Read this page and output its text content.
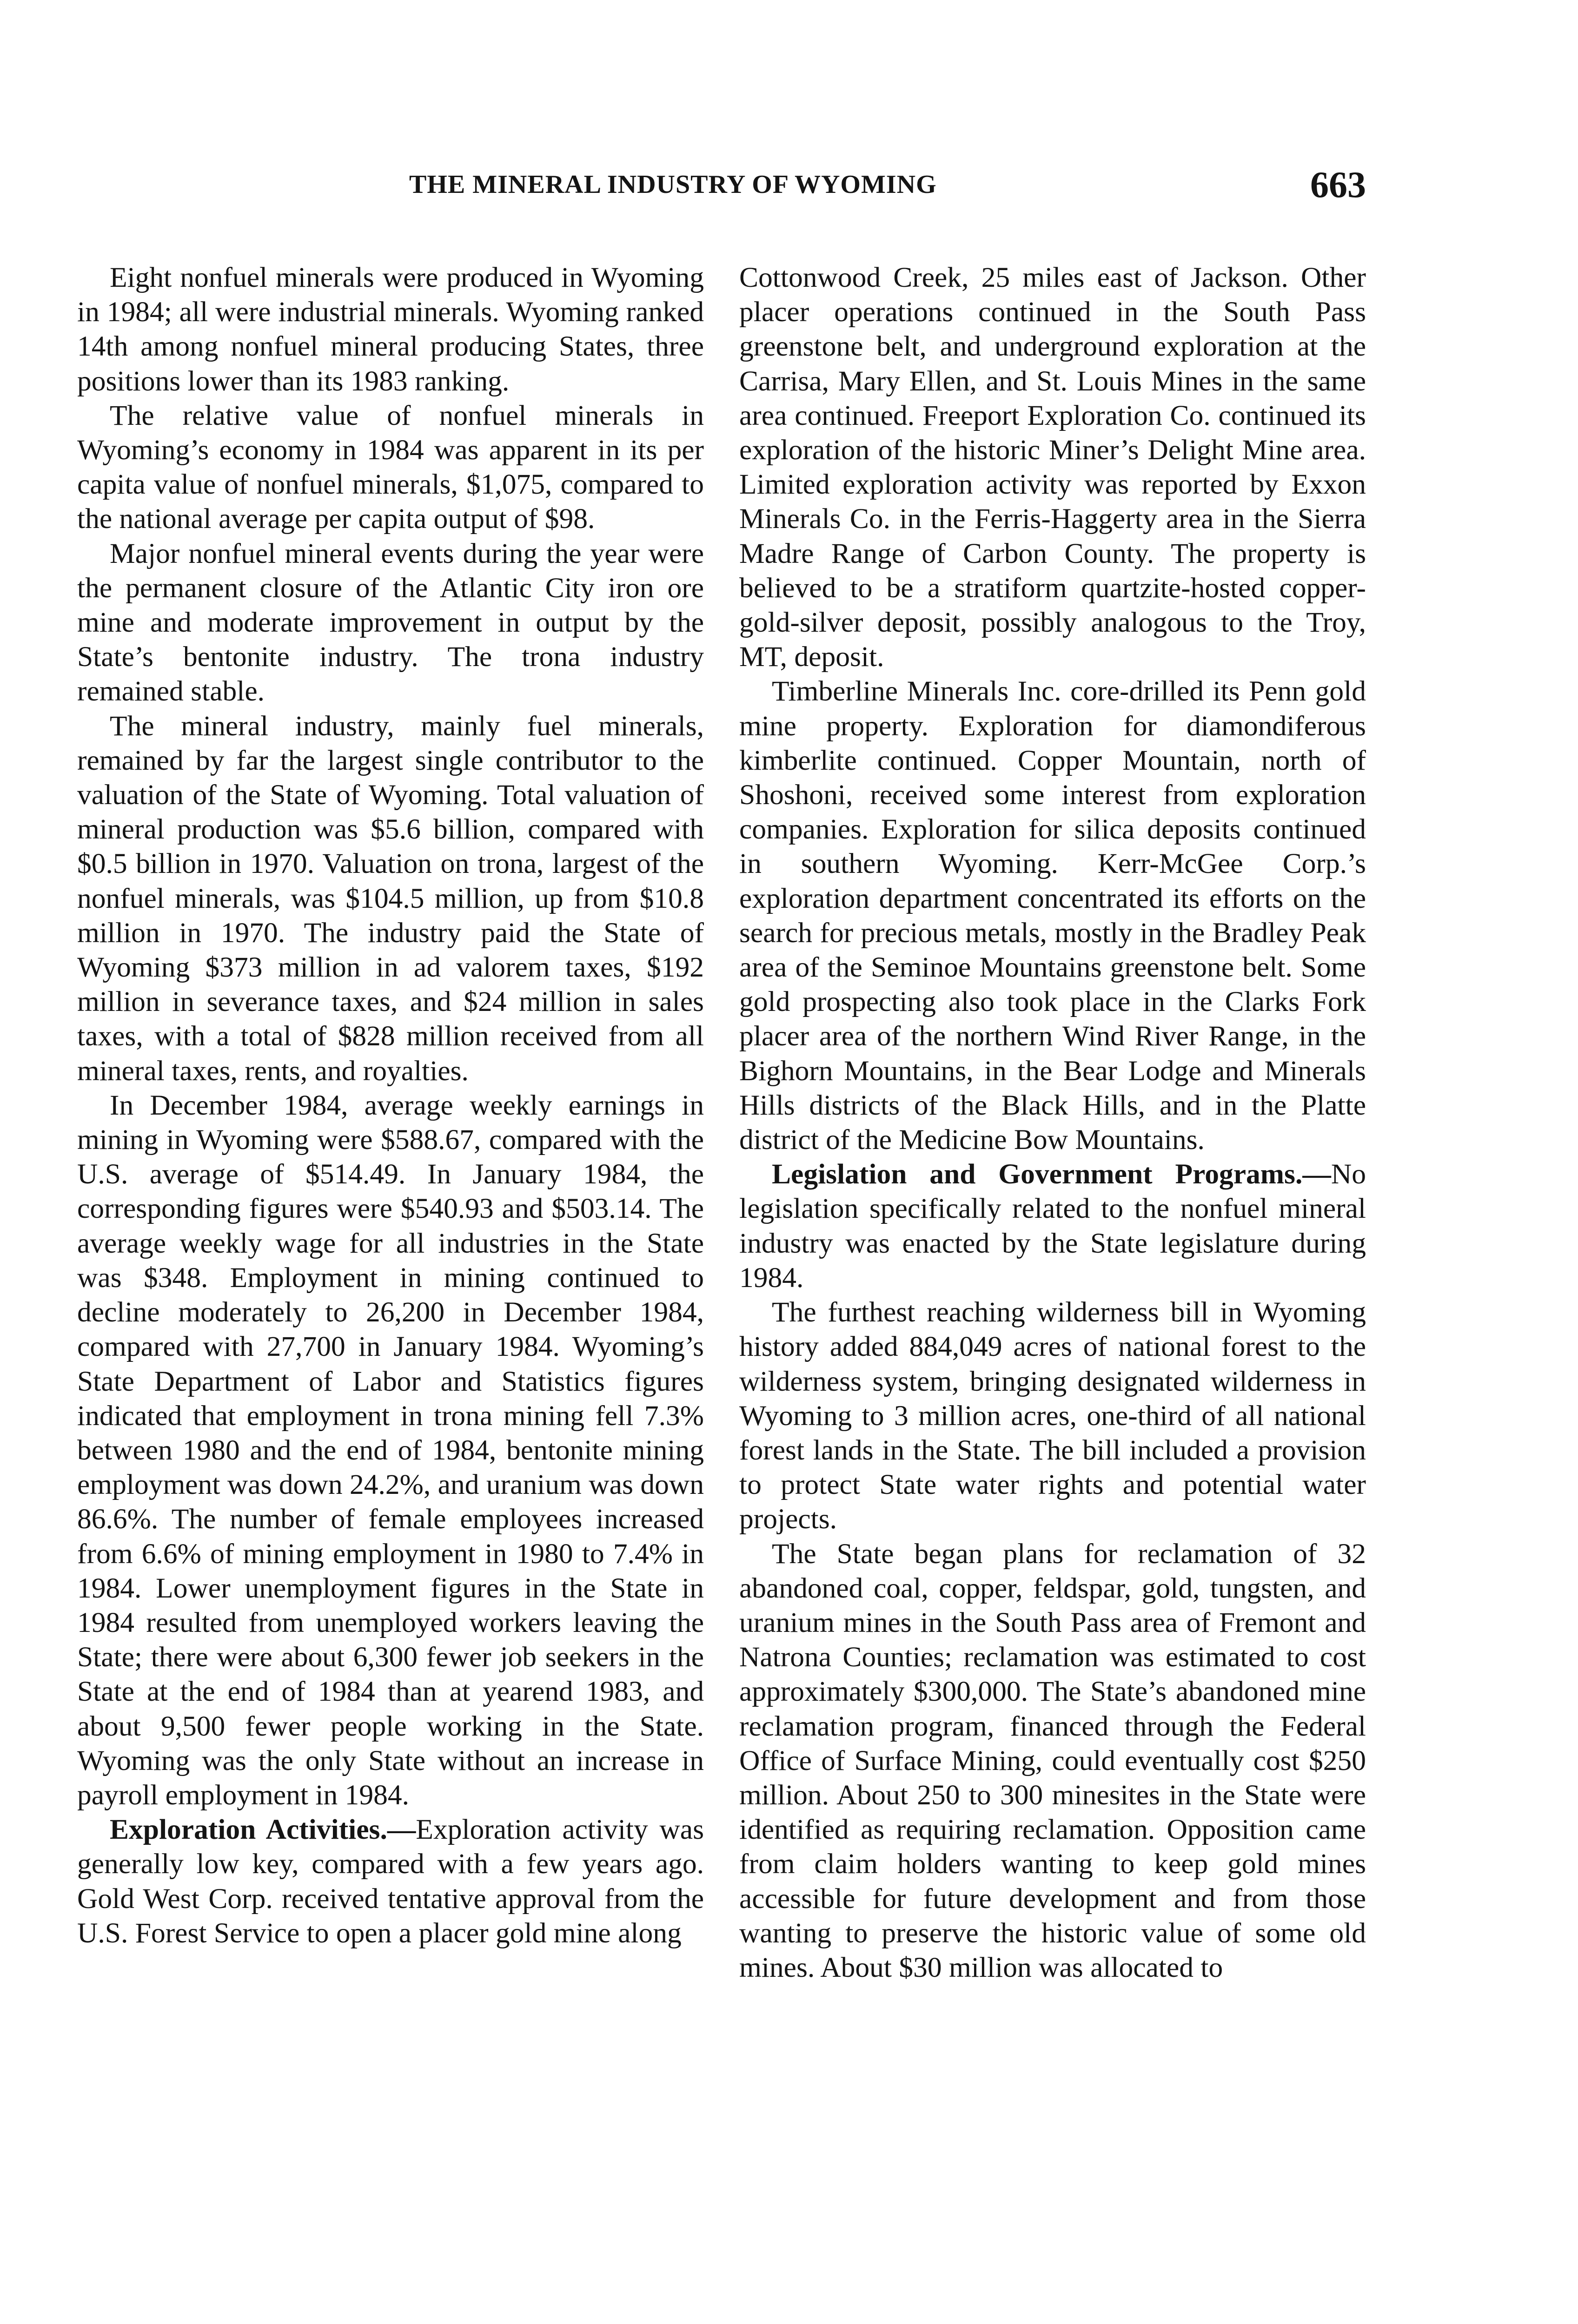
THE MINERAL INDUSTRY OF WYOMING	663

Eight nonfuel minerals were produced in Wyoming in 1984; all were industrial minerals. Wyoming ranked 14th among nonfuel mineral producing States, three positions lower than its 1983 ranking.

The relative value of nonfuel minerals in Wyoming’s economy in 1984 was apparent in its per capita value of nonfuel minerals, $1,075, compared to the national average per capita output of $98.

Major nonfuel mineral events during the year were the permanent closure of the Atlantic City iron ore mine and moderate improvement in output by the State’s bentonite industry. The trona industry remained stable.

The mineral industry, mainly fuel minerals, remained by far the largest single contributor to the valuation of the State of Wyoming. Total valuation of mineral production was $5.6 billion, compared with $0.5 billion in 1970. Valuation on trona, largest of the nonfuel minerals, was $104.5 million, up from $10.8 million in 1970. The industry paid the State of Wyoming $373 million in ad valorem taxes, $192 million in severance taxes, and $24 million in sales taxes, with a total of $828 million received from all mineral taxes, rents, and royalties.

In December 1984, average weekly earnings in mining in Wyoming were $588.67, compared with the U.S. average of $514.49. In January 1984, the corresponding figures were $540.93 and $503.14. The average weekly wage for all industries in the State was $348. Employment in mining continued to decline moderately to 26,200 in December 1984, compared with 27,700 in January 1984. Wyoming’s State Department of Labor and Statistics figures indicated that employment in trona mining fell 7.3% between 1980 and the end of 1984, bentonite mining employment was down 24.2%, and uranium was down 86.6%. The number of female employees increased from 6.6% of mining employment in 1980 to 7.4% in 1984. Lower unemployment figures in the State in 1984 resulted from unemployed workers leaving the State; there were about 6,300 fewer job seekers in the State at the end of 1984 than at yearend 1983, and about 9,500 fewer people working in the State. Wyoming was the only State without an increase in payroll employment in 1984.

Exploration Activities.—Exploration activity was generally low key, compared with a few years ago. Gold West Corp. received tentative approval from the U.S. Forest Service to open a placer gold mine along

Cottonwood Creek, 25 miles east of Jackson. Other placer operations continued in the South Pass greenstone belt, and underground exploration at the Carrisa, Mary Ellen, and St. Louis Mines in the same area continued. Freeport Exploration Co. continued its exploration of the historic Miner’s Delight Mine area. Limited exploration activity was reported by Exxon Minerals Co. in the Ferris-Haggerty area in the Sierra Madre Range of Carbon County. The property is believed to be a stratiform quartzite-hosted copper-gold-silver deposit, possibly analogous to the Troy, MT, deposit.

Timberline Minerals Inc. core-drilled its Penn gold mine property. Exploration for diamondiferous kimberlite continued. Copper Mountain, north of Shoshoni, received some interest from exploration companies. Exploration for silica deposits continued in southern Wyoming. Kerr-McGee Corp.’s exploration department concentrated its efforts on the search for precious metals, mostly in the Bradley Peak area of the Seminoe Mountains greenstone belt. Some gold prospecting also took place in the Clarks Fork placer area of the northern Wind River Range, in the Bighorn Mountains, in the Bear Lodge and Minerals Hills districts of the Black Hills, and in the Platte district of the Medicine Bow Mountains.

Legislation and Government Programs.—No legislation specifically related to the nonfuel mineral industry was enacted by the State legislature during 1984.

The furthest reaching wilderness bill in Wyoming history added 884,049 acres of national forest to the wilderness system, bringing designated wilderness in Wyoming to 3 million acres, one-third of all national forest lands in the State. The bill included a provision to protect State water rights and potential water projects.

The State began plans for reclamation of 32 abandoned coal, copper, feldspar, gold, tungsten, and uranium mines in the South Pass area of Fremont and Natrona Counties; reclamation was estimated to cost approximately $300,000. The State’s abandoned mine reclamation program, financed through the Federal Office of Surface Mining, could eventually cost $250 million. About 250 to 300 minesites in the State were identified as requiring reclamation. Opposition came from claim holders wanting to keep gold mines accessible for future development and from those wanting to preserve the historic value of some old mines. About $30 million was allocated to
